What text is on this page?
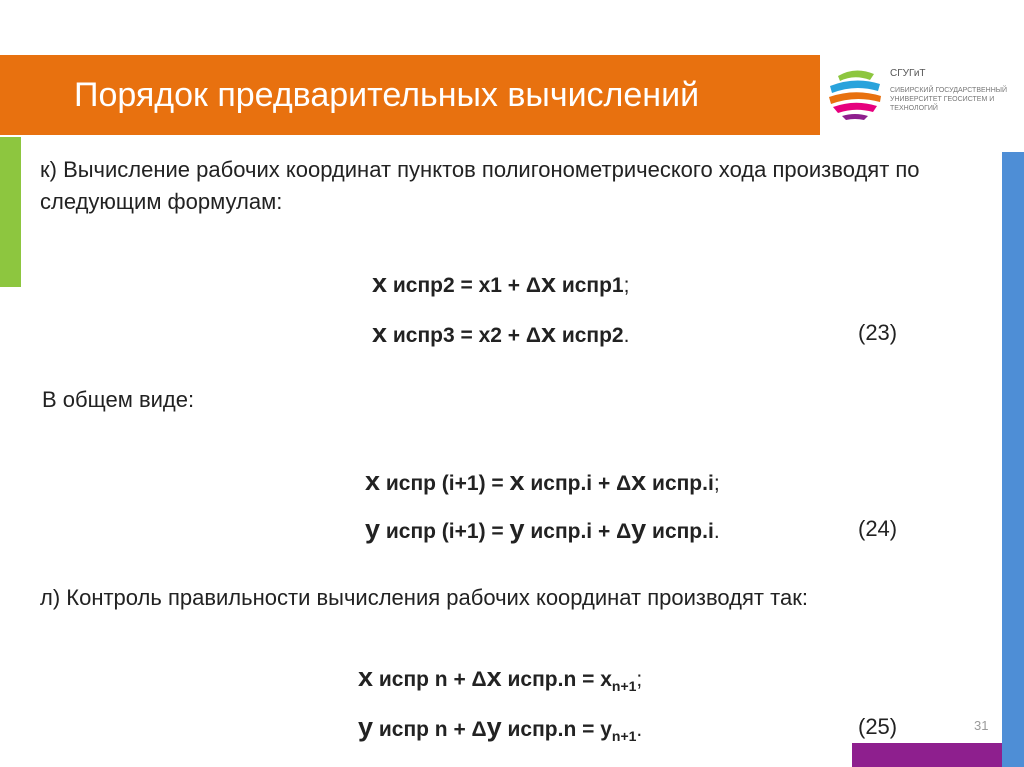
Порядок предварительных вычислений
СГУГиТ
СИБИРСКИЙ ГОСУДАРСТВЕННЫЙ УНИВЕРСИТЕТ ГЕОСИСТЕМ И ТЕХНОЛОГИЙ
к) Вычисление рабочих координат пунктов полигонометрического хода производят по следующим формулам:
x испр2 = x1 + Δx испр1;
x испр3 = x2 + Δx испр2.	(23)
В общем виде:
x испр (i+1) = x испр.i + Δx испр.i;
y испр (i+1) = y испр.i + Δy испр.i.	(24)
л) Контроль правильности вычисления рабочих координат производят так:
x испр n + Δx испр.n = $x_{n+1}$;
y испр n + Δy испр.n = $y_{n+1}$.	(25)	31
